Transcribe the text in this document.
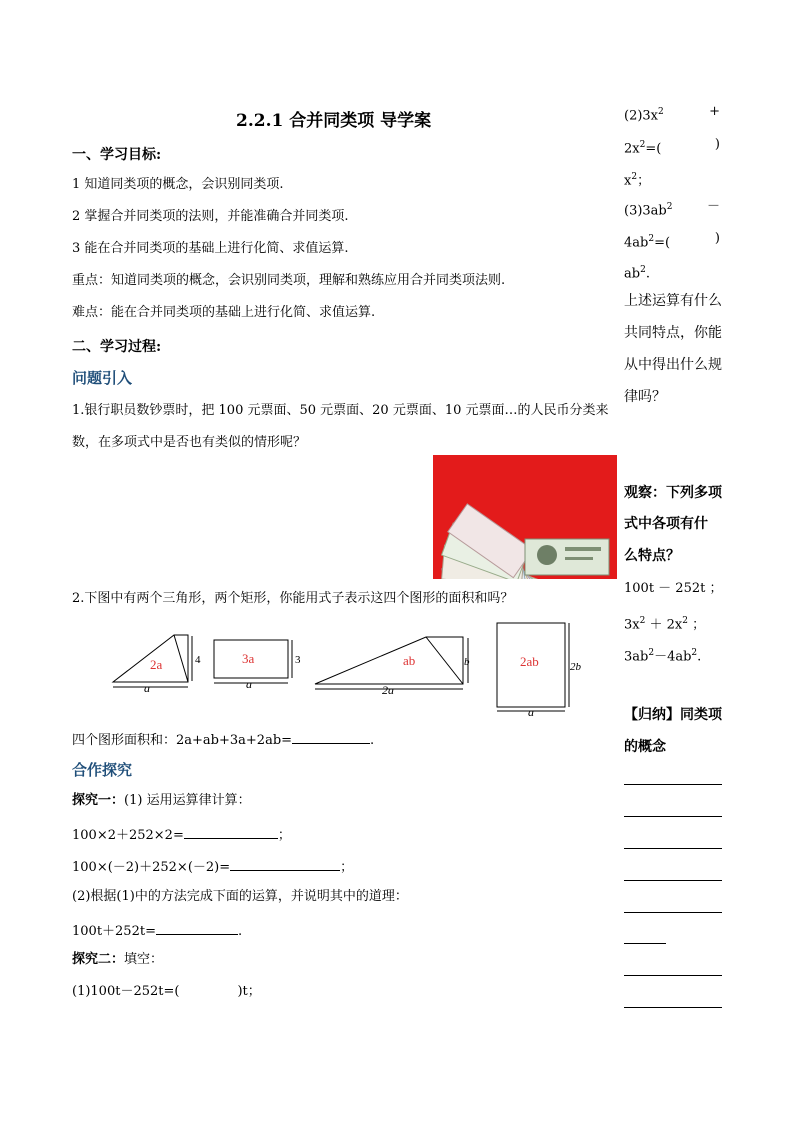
2.2.1 合并同类项 导学案
一、学习目标:
1 知道同类项的概念，会识别同类项.
2 掌握合并同类项的法则，并能准确合并同类项.
3 能在合并同类项的基础上进行化简、求值运算.
重点：知道同类项的概念，会识别同类项，理解和熟练应用合并同类项法则.
难点：能在合并同类项的基础上进行化简、求值运算.
二、学习过程:
问题引入
1.银行职员数钞票时，把 100 元票面、50 元票面、20 元票面、10 元票面…的人民币分类来
数，在多项式中是否也有类似的情形呢？
2.下图中有两个三角形，两个矩形，你能用式子表示这四个图形的面积和吗？
2a	4
a
3a	3
a
ab	b
2a
2ab	2b
a
四个图形面积和：2a+ab+3a+2ab=	.
合作探究
探究一：(1) 运用运算律计算：
100×2＋252×2=	；
100×(－2)＋252×(－2)=	；
(2)根据(1)中的方法完成下面的运算，并说明其中的道理：
100t＋252t=	.
探究二：填空：
(1)100t－252t=(	)t；
$(2)3x^2$	+
$2x^2=$(	)
$x^2$；
$(3)3ab^2$	－
$4ab^2=$(	)
$ab^2$.
上述运算有什么
共同特点，你能
从中得出什么规
律吗？
观察：下列多项
式中各项有什
么特点？
100t － 252t ；
$3x^2 + 2x^2$ ；
$3ab^2-4ab^2$.
【归纳】同类项
的概念
